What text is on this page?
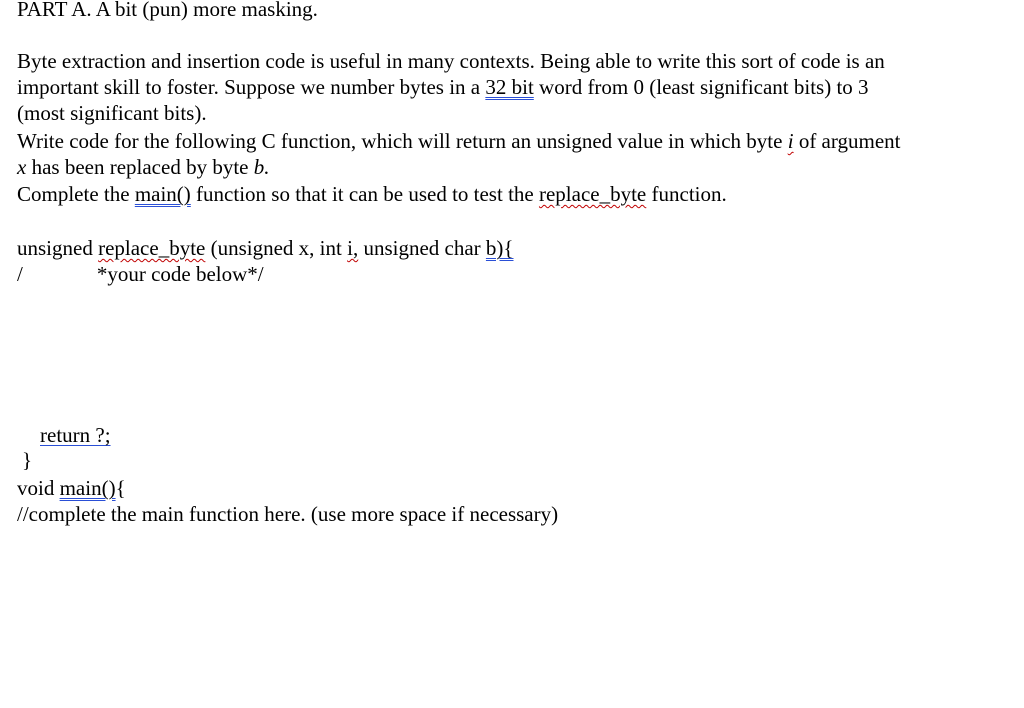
PART A. A bit (pun) more masking.
Byte extraction and insertion code is useful in many contexts. Being able to write this sort of code is an
important skill to foster. Suppose we number bytes in a 32 bit word from 0 (least significant bits) to 3
(most significant bits).
Write code for the following C function, which will return an unsigned value in which byte i of argument
x has been replaced by byte b.
Complete the main() function so that it can be used to test the replace_byte function.
unsigned replace_byte (unsigned x, int i, unsigned char b){
/	*your code below*/
return ?;
}
void main(){
//complete the main function here. (use more space if necessary)
